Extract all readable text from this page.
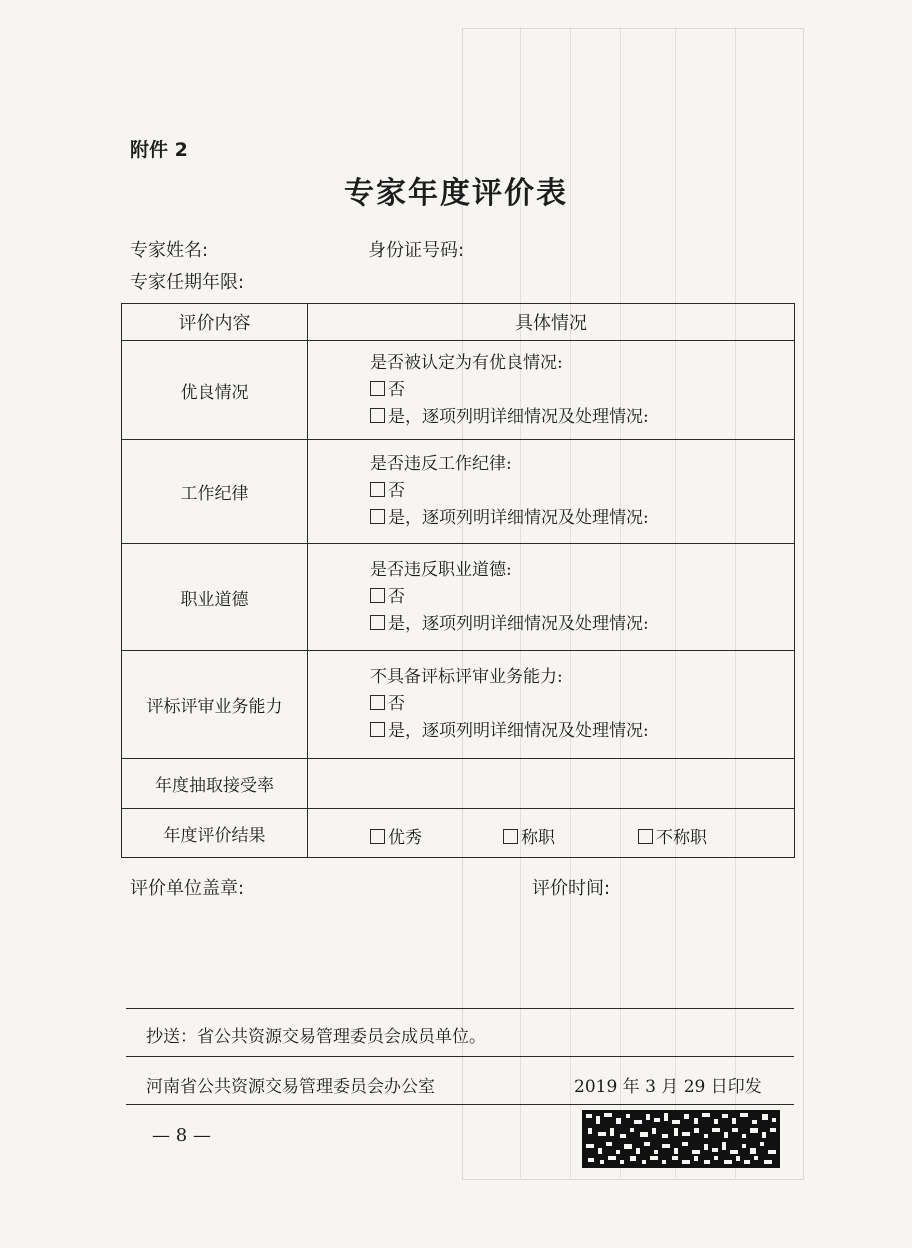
附件 2
专家年度评价表
专家姓名:	身份证号码:
专家任期年限:
评价内容	具体情况
优良情况	是否被认定为有优良情况:
否
是，逐项列明详细情况及处理情况:

工作纪律	是否违反工作纪律:
否
是，逐项列明详细情况及处理情况:

职业道德	是否违反职业道德:
否
是，逐项列明详细情况及处理情况:

评标评审业务能力	不具备评标评审业务能力:
否
是，逐项列明详细情况及处理情况:

年度抽取接受率	
年度评价结果	优秀 称职 不称职
评价单位盖章:	评价时间:
抄送：省公共资源交易管理委员会成员单位。
河南省公共资源交易管理委员会办公室	2019 年 3 月 29 日印发
— 8 —
